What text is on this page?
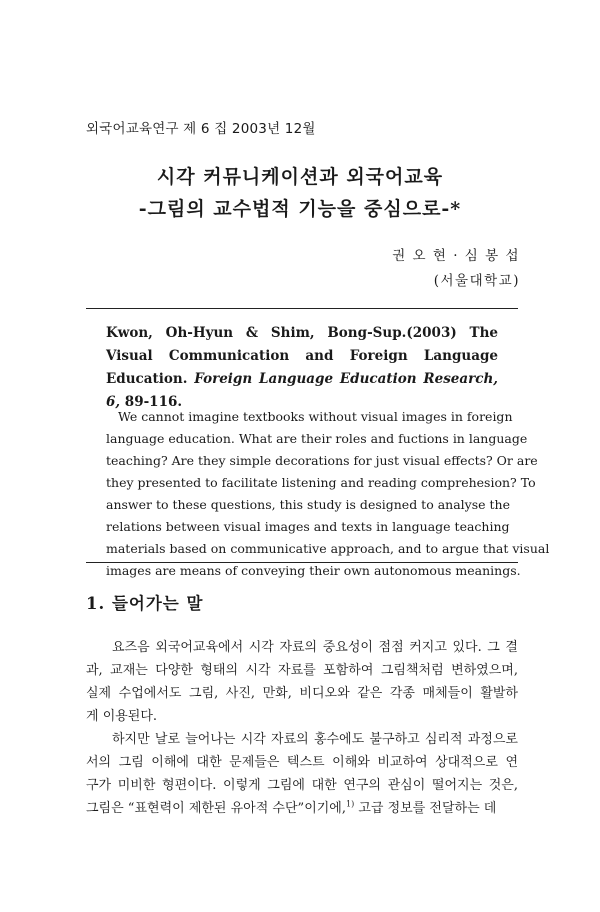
외국어교육연구 제 6 집 2003년 12월
시각 커뮤니케이션과 외국어교육
-그림의 교수법적 기능을 중심으로-*
권 오 현 · 심 봉 섭
(서울대학교)
Kwon, Oh-Hyun & Shim, Bong-Sup.(2003) The Visual Communication and Foreign Language Education. Foreign Language Education Research, 6, 89-116.
We cannot imagine textbooks without visual images in foreign
language education. What are their roles and fuctions in language
teaching? Are they simple decorations for just visual effects? Or are
they presented to facilitate listening and reading comprehesion? To
answer to these questions, this study is designed to analyse the
relations between visual images and texts in language teaching
materials based on communicative approach, and to argue that visual
images are means of conveying their own autonomous meanings.
1. 들어가는 말
요즈음 외국어교육에서 시각 자료의 중요성이 점점 커지고 있다. 그 결
과, 교재는 다양한 형태의 시각 자료를 포함하여 그림책처럼 변하였으며,
실제 수업에서도 그림, 사진, 만화, 비디오와 같은 각종 매체들이 활발하
게 이용된다.
하지만 날로 늘어나는 시각 자료의 홍수에도 불구하고 심리적 과정으로
서의 그림 이해에 대한 문제들은 텍스트 이해와 비교하여 상대적으로 연
구가 미비한 형편이다. 이렇게 그림에 대한 연구의 관심이 떨어지는 것은,
그림은 “표현력이 제한된 유아적 수단”이기에,$^{1)}$ 고급 정보를 전달하는 데
